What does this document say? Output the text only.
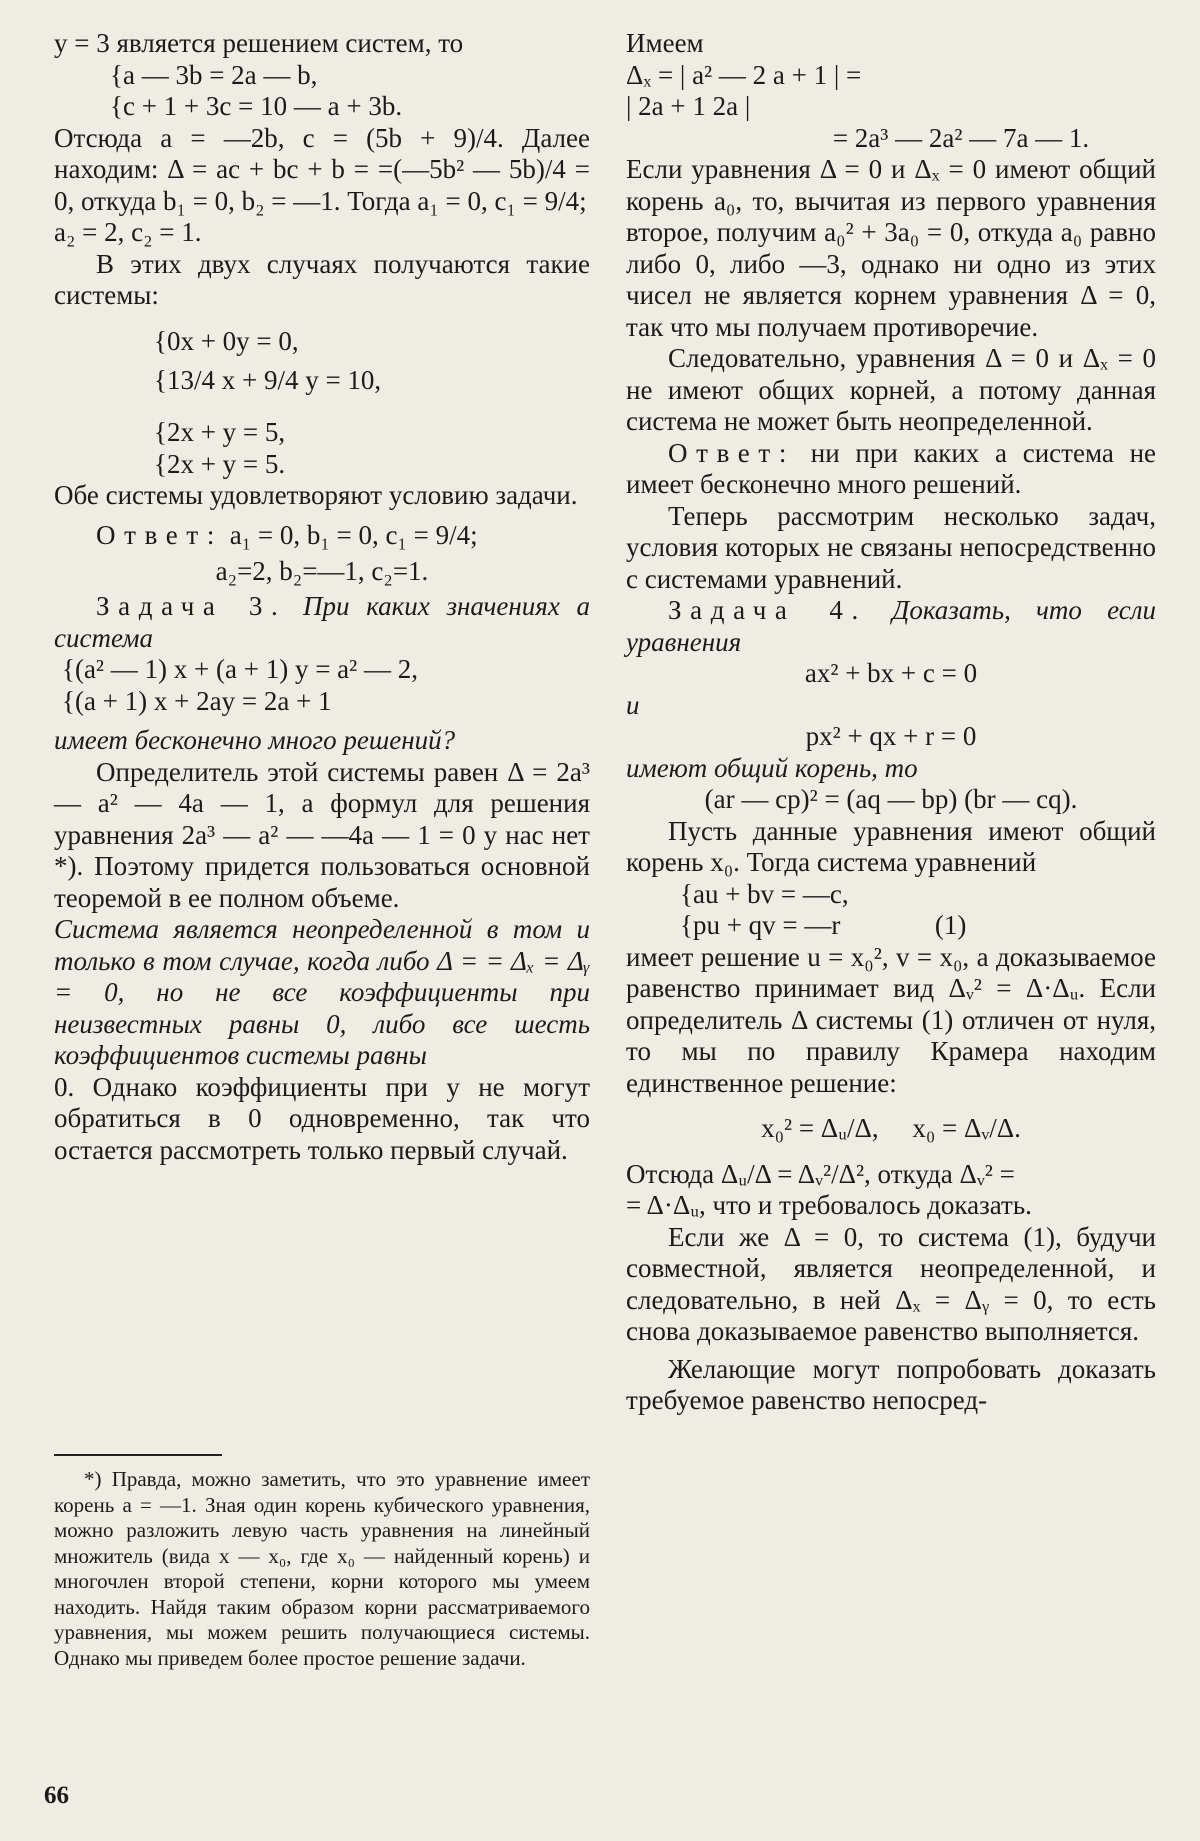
y = 3 является решением систем, то

{a — 3b = 2a — b,

{c + 1 + 3c = 10 — a + 3b.

Отсюда a = —2b, c = (5b + 9)/4. Далее находим: Δ = ac + bc + b = =(—5b² — 5b)/4 = 0, откуда b₁ = 0, b₂ = —1. Тогда a₁ = 0, c₁ = 9/4;

a₂ = 2, c₂ = 1.

В этих двух случаях получаются такие системы:

{0x + 0y = 0,

{13/4 x + 9/4 y = 10,

{2x + y = 5,

{2x + y = 5.

Обе системы удовлетворяют условию задачи.

Ответ: a₁ = 0, b₁ = 0, c₁ = 9/4;

a₂=2, b₂=—1, c₂=1.

Задача 3. При каких значениях a система

{(a² — 1) x + (a + 1) y = a² — 2,

{(a + 1) x + 2ay = 2a + 1

имеет бесконечно много решений?

Определитель этой системы равен Δ = 2a³ — a² — 4a — 1, а формул для решения уравнения 2a³ — a² — —4a — 1 = 0 у нас нет *). Поэтому придется пользоваться основной теоремой в ее полном объеме.

Система является неопределенной в том и только в том случае, когда либо Δ = = Δₓ = Δᵧ = 0, но не все коэффициенты при неизвестных равны 0, либо все шесть коэффициентов системы равны

0. Однако коэффициенты при y не могут обратиться в 0 одновременно, так что остается рассмотреть только первый случай.

*) Правда, можно заметить, что это уравнение имеет корень a = —1. Зная один корень кубического уравнения, можно разложить левую часть уравнения на линейный множитель (вида x — x₀, где x₀ — найденный корень) и многочлен второй степени, корни которого мы умеем находить. Найдя таким образом корни рассматриваемого уравнения, мы можем решить получающиеся системы. Однако мы приведем более простое решение задачи.

Имеем

Δₓ = | a² — 2 a + 1 | =

| 2a + 1 2a |

= 2a³ — 2a² — 7a — 1.

Если уравнения Δ = 0 и Δₓ = 0 имеют общий корень a₀, то, вычитая из первого уравнения второе, получим a₀² + 3a₀ = 0, откуда a₀ равно либо 0, либо —3, однако ни одно из этих чисел не является корнем уравнения Δ = 0, так что мы получаем противоречие.

Следовательно, уравнения Δ = 0 и Δₓ = 0 не имеют общих корней, а потому данная система не может быть неопределенной.

Ответ: ни при каких a система не имеет бесконечно много решений.

Теперь рассмотрим несколько задач, условия которых не связаны непосредственно с системами уравнений.

Задача 4. Доказать, что если уравнения

ax² + bx + c = 0

и

px² + qx + r = 0

имеют общий корень, то

(ar — cp)² = (aq — bp) (br — cq).

Пусть данные уравнения имеют общий корень x₀. Тогда система уравнений

{au + bv = —c,

{pu + qv = —r              (1)

имеет решение u = x₀², v = x₀, а доказываемое равенство принимает вид Δᵥ² = Δ·Δᵤ. Если определитель Δ системы (1) отличен от нуля, то мы по правилу Крамера находим единственное решение:

x₀² = Δᵤ/Δ,     x₀ = Δᵥ/Δ.

Отсюда Δᵤ/Δ = Δᵥ²/Δ², откуда Δᵥ² =

= Δ·Δᵤ, что и требовалось доказать.

Если же Δ = 0, то система (1), будучи совместной, является неопределенной, и следовательно, в ней Δₓ = Δᵧ = 0, то есть снова доказываемое равенство выполняется.

Желающие могут попробовать доказать требуемое равенство непосред-

66
